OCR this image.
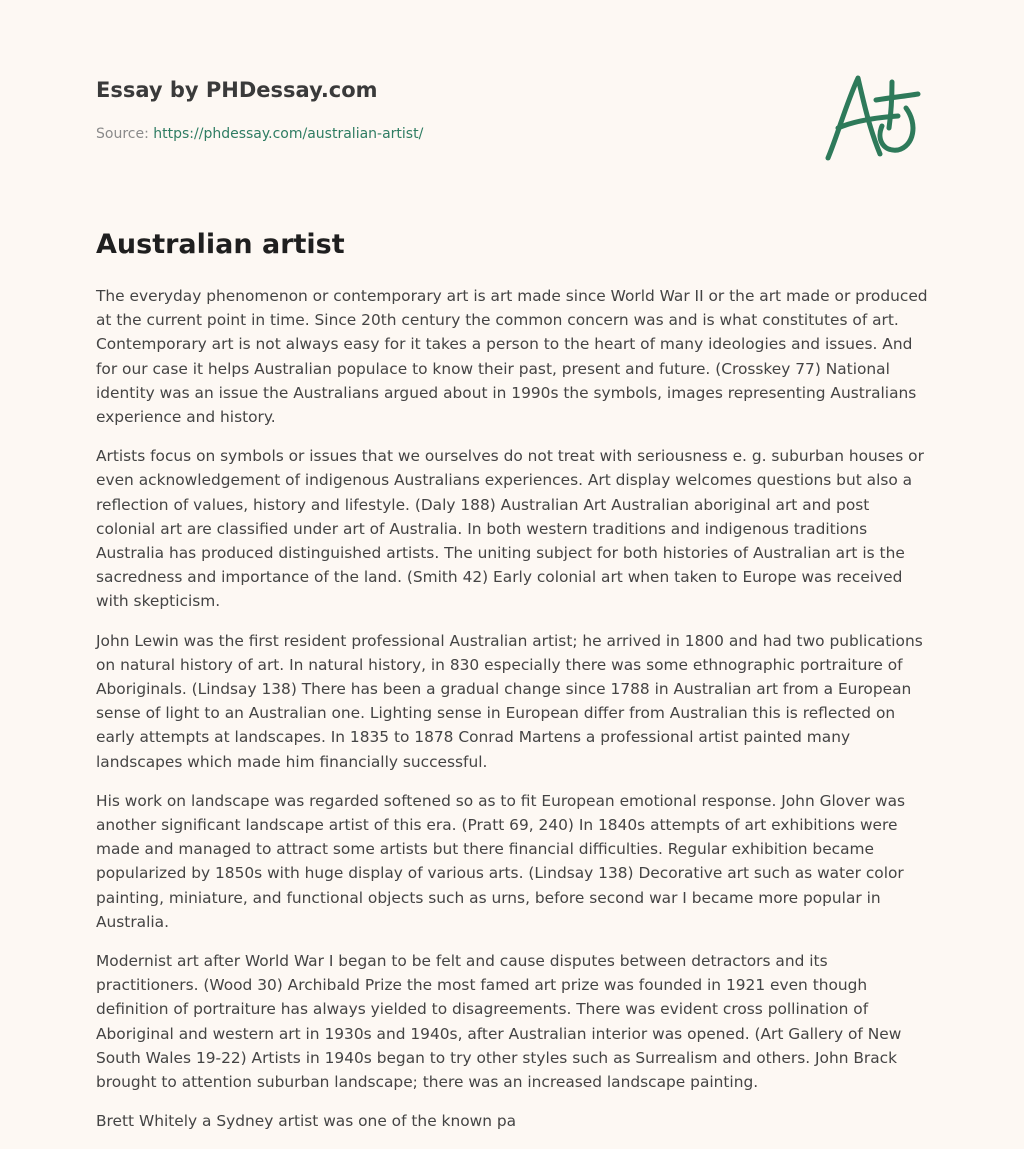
Essay by PHDessay.com
Source: https://phdessay.com/australian-artist/
Australian artist

The everyday phenomenon or contemporary art is art made since World War II or the art made or produced at the current point in time. Since 20th century the common concern was and is what constitutes of art. Contemporary art is not always easy for it takes a person to the heart of many ideologies and issues. And for our case it helps Australian populace to know their past, present and future. (Crosskey 77) National identity was an issue the Australians argued about in 1990s the symbols, images representing Australians experience and history.

Artists focus on symbols or issues that we ourselves do not treat with seriousness e. g. suburban houses or even acknowledgement of indigenous Australians experiences. Art display welcomes questions but also a reflection of values, history and lifestyle. (Daly 188) Australian Art Australian aboriginal art and post colonial art are classified under art of Australia. In both western traditions and indigenous traditions Australia has produced distinguished artists. The uniting subject for both histories of Australian art is the sacredness and importance of the land. (Smith 42) Early colonial art when taken to Europe was received with skepticism.

John Lewin was the first resident professional Australian artist; he arrived in 1800 and had two publications on natural history of art. In natural history, in 830 especially there was some ethnographic portraiture of Aboriginals. (Lindsay 138) There has been a gradual change since 1788 in Australian art from a European sense of light to an Australian one. Lighting sense in European differ from Australian this is reflected on early attempts at landscapes. In 1835 to 1878 Conrad Martens a professional artist painted many landscapes which made him financially successful.

His work on landscape was regarded softened so as to fit European emotional response. John Glover was another significant landscape artist of this era. (Pratt 69, 240) In 1840s attempts of art exhibitions were made and managed to attract some artists but there financial difficulties. Regular exhibition became popularized by 1850s with huge display of various arts. (Lindsay 138) Decorative art such as water color painting, miniature, and functional objects such as urns, before second war I became more popular in Australia.

Modernist art after World War I began to be felt and cause disputes between detractors and its practitioners. (Wood 30) Archibald Prize the most famed art prize was founded in 1921 even though definition of portraiture has always yielded to disagreements. There was evident cross pollination of Aboriginal and western art in 1930s and 1940s, after Australian interior was opened. (Art Gallery of New South Wales 19-22) Artists in 1940s began to try other styles such as Surrealism and others. John Brack brought to attention suburban landscape; there was an increased landscape painting.

Brett Whitely a Sydney artist was one of the known pa
